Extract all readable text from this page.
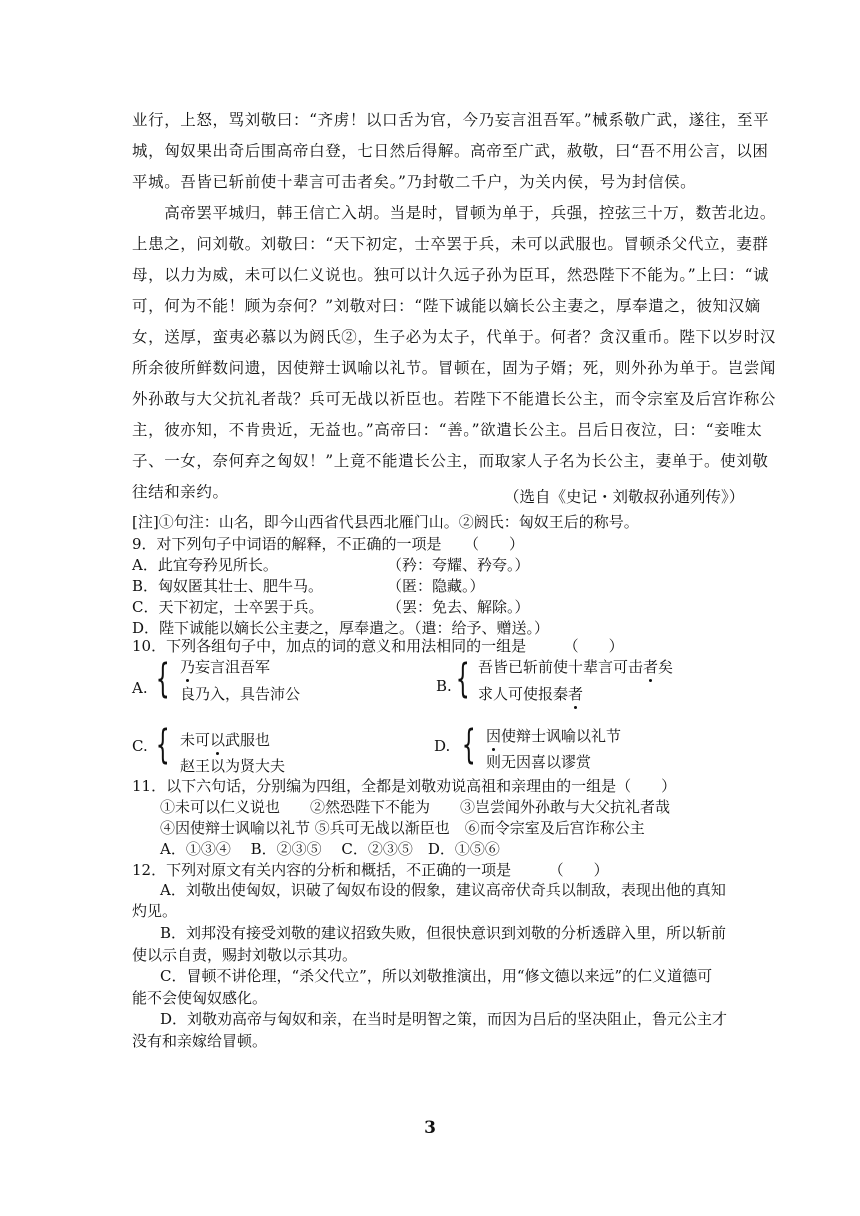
业行，上怒，骂刘敬曰：“齐虏！以口舌为官，今乃妄言沮吾军。”械系敬广武，遂往，至平
城，匈奴果出奇后围高帝白登，七日然后得解。高帝至广武，赦敬，曰“吾不用公言，以困
平城。吾皆已斩前使十辈言可击者矣。”乃封敬二千户，为关内侯，号为封信侯。
　　高帝罢平城归，韩王信亡入胡。当是时，冒顿为单于，兵强，控弦三十万，数苦北边。
上患之，问刘敬。刘敬曰：“天下初定，士卒罢于兵，未可以武服也。冒顿杀父代立，妻群
母，以力为威，未可以仁义说也。独可以计久远子孙为臣耳，然恐陛下不能为。”上曰：“诚
可，何为不能！顾为奈何？”刘敬对曰：“陛下诚能以嫡长公主妻之，厚奉遣之，彼知汉嫡
女，送厚，蛮夷必慕以为阏氏②，生子必为太子，代单于。何者？贪汉重币。陛下以岁时汉
所余彼所鲜数问遗，因使辩士讽喻以礼节。冒顿在，固为子婿；死，则外孙为单于。岂尝闻
外孙敢与大父抗礼者哉？兵可无战以祈臣也。若陛下不能遣长公主，而令宗室及后宫诈称公
主，彼亦知，不肯贵近，无益也。”高帝曰：“善。”欲遣长公主。吕后日夜泣，曰：“妾唯太
子、一女，奈何弃之匈奴！”上竟不能遣长公主，而取家人子名为长公主，妻单于。使刘敬
往结和亲约。	（选自《史记・刘敬叔孙通列传》）
[注]①句注：山名，即今山西省代县西北雁门山。②阏氏：匈奴王后的称号。
9．对下列句子中词语的解释，不正确的一项是　　（　　）
A．此宜夸矜见所长。	（矜：夸耀、矜夸。）
B．匈奴匿其壮士、肥牛马。	（匿：隐藏。）
C．天下初定，士卒罢于兵。	（罢：免去、解除。）
D．陛下诚能以嫡长公主妻之，厚奉遣之。（遣：给予、赠送。）
10．下列各组句子中，加点的词的意义和用法相同的一组是　　　（　　）
A. { 乃妄言沮吾军
良乃入，具告沛公	B. { 吾皆已斩前使十辈言可击者矣
求人可使报秦者
C. { 未可以武服也
赵王以为贤大夫
D. { 因使辩士讽喻以礼节
则无因喜以谬赏
11．以下六句话，分别编为四组，全都是刘敬劝说高祖和亲理由的一组是（　　）
①未可以仁义说也　　②然恐陛下不能为　　③岂尝闻外孙敢与大父抗礼者哉
④因使辩士讽喻以礼节 ⑤兵可无战以渐臣也　⑥而令宗室及后宫诈称公主
A．①③④　 B．②③⑤　 C．②③⑤　D．①⑤⑥
12．下列对原文有关内容的分析和概括，不正确的一项是　　　（　　）
A．刘敬出使匈奴，识破了匈奴布设的假象，建议高帝伏奇兵以制敌，表现出他的真知
灼见。
B．刘邦没有接受刘敬的建议招致失败，但很快意识到刘敬的分析透辟入里，所以斩前
使以示自责，赐封刘敬以示其功。
C．冒顿不讲伦理，“杀父代立”，所以刘敬推演出，用“修文德以来远”的仁义道德可
能不会使匈奴感化。
D．刘敬劝高帝与匈奴和亲，在当时是明智之策，而因为吕后的坚决阻止，鲁元公主才
没有和亲嫁给冒顿。
3
